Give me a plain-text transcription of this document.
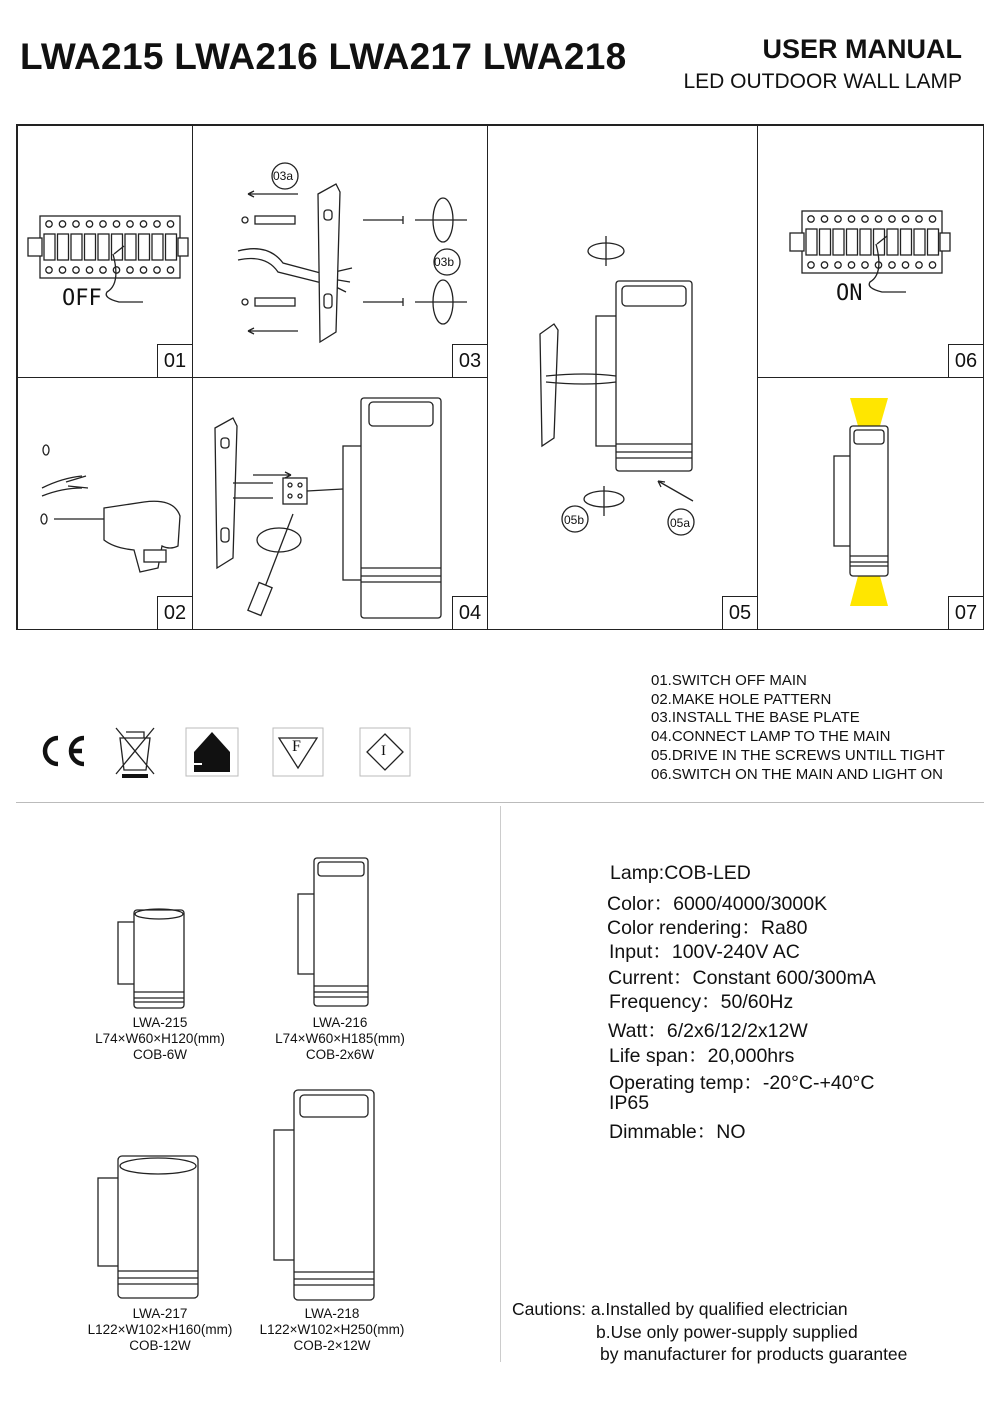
LWA215 LWA216 LWA217 LWA218	USER MANUAL
LED OUTDOOR WALL LAMP
OFF
01
03a
03b
03
05b	05a
05
ON
06
02	04	07
F	I
01.SWITCH OFF MAIN
02.MAKE HOLE PATTERN
03.INSTALL THE BASE PLATE
04.CONNECT LAMP TO THE MAIN
05.DRIVE IN THE SCREWS UNTILL TIGHT
06.SWITCH ON THE MAIN AND LIGHT ON
LWA-215
L74×W60×H120(mm)
COB-6W
LWA-216
L74×W60×H185(mm)
COB-2x6W
LWA-217
L122×W102×H160(mm)
COB-12W
LWA-218
L122×W102×H250(mm)
COB-2×12W
Lamp:COB-LED
Color：6000/4000/3000K
Color rendering：Ra80
Input：100V-240V AC
Current：Constant 600/300mA
Frequency：50/60Hz
Watt：6/2x6/12/2x12W
Life span：20,000hrs
Operating temp：-20°C-+40°C
IP65
Dimmable：NO
Cautions: a.Installed by qualified electrician
b.Use only power-supply supplied
by manufacturer for products guarantee
